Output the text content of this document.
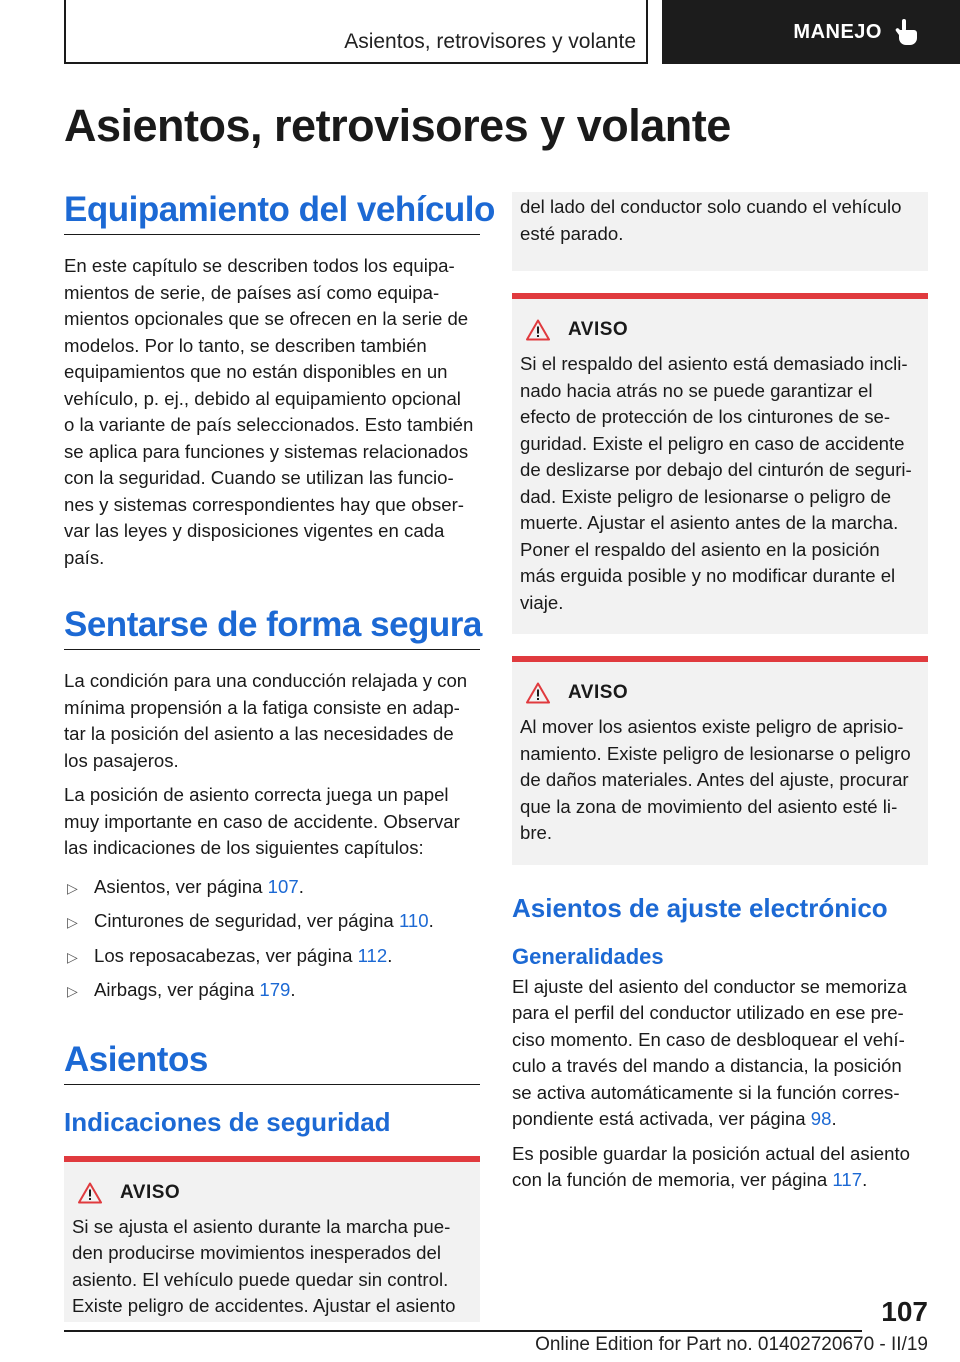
Asientos, retrovisores y volante	MANEJO
Asientos, retrovisores y volante
Equipamiento del vehículo
En este capítulo se describen todos los equipa-
mientos de serie, de países así como equipa-
mientos opcionales que se ofrecen en la serie de
modelos. Por lo tanto, se describen también
equipamientos que no están disponibles en un
vehículo, p. ej., debido al equipamiento opcional
o la variante de país seleccionados. Esto también
se aplica para funciones y sistemas relacionados
con la seguridad. Cuando se utilizan las funcio-
nes y sistemas correspondientes hay que obser-
var las leyes y disposiciones vigentes en cada
país.
Sentarse de forma segura
La condición para una conducción relajada y con
mínima propensión a la fatiga consiste en adap-
tar la posición del asiento a las necesidades de
los pasajeros.
La posición de asiento correcta juega un papel
muy importante en caso de accidente. Observar
las indicaciones de los siguientes capítulos:
▷ Asientos, ver página 107.
▷ Cinturones de seguridad, ver página 110.
▷ Los reposacabezas, ver página 112.
▷ Airbags, ver página 179.
Asientos
Indicaciones de seguridad
AVISO
Si se ajusta el asiento durante la marcha pue-
den producirse movimientos inesperados del
asiento. El vehículo puede quedar sin control.
Existe peligro de accidentes. Ajustar el asiento
del lado del conductor solo cuando el vehículo
esté parado.
AVISO
Si el respaldo del asiento está demasiado incli-
nado hacia atrás no se puede garantizar el
efecto de protección de los cinturones de se-
guridad. Existe el peligro en caso de accidente
de deslizarse por debajo del cinturón de seguri-
dad. Existe peligro de lesionarse o peligro de
muerte. Ajustar el asiento antes de la marcha.
Poner el respaldo del asiento en la posición
más erguida posible y no modificar durante el
viaje.
AVISO
Al mover los asientos existe peligro de aprisio-
namiento. Existe peligro de lesionarse o peligro
de daños materiales. Antes del ajuste, procurar
que la zona de movimiento del asiento esté li-
bre.
Asientos de ajuste electrónico
Generalidades
El ajuste del asiento del conductor se memoriza
para el perfil del conductor utilizado en ese pre-
ciso momento. En caso de desbloquear el vehí-
culo a través del mando a distancia, la posición
se activa automáticamente si la función corres-
pondiente está activada, ver página 98.
Es posible guardar la posición actual del asiento
con la función de memoria, ver página 117.
107
Online Edition for Part no. 01402720670 - II/19
